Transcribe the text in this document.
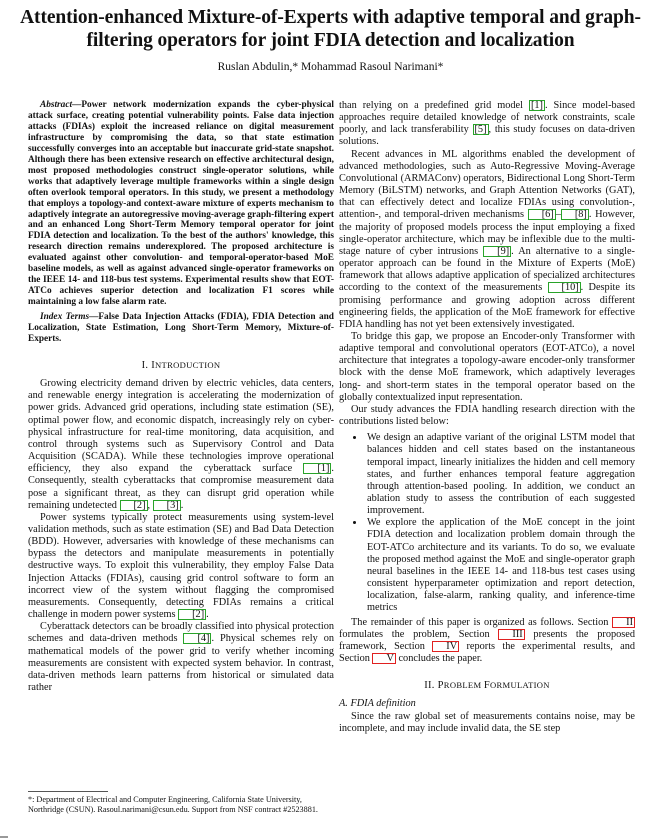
Attention-enhanced Mixture-of-Experts with adaptive temporal and graph-filtering operators for joint FDIA detection and localization
Ruslan Abdulin,* Mohammad Rasoul Narimani*

Abstract—Power network modernization expands the cyber-physical attack surface, creating potential vulnerability points. False data injection attacks (FDIAs) exploit the increased reliance on digital measurement infrastructure by compromising the data, so that state estimation successfully converges into an acceptable but inaccurate grid-state snapshot. Although there has been extensive research on effective architectural design, most proposed methodologies construct single-operator solutions, while works that adaptively leverage multiple frameworks within a single design often overlook temporal operators. In this study, we present a methodology that employs a topology-and context-aware mixture of experts mechanism to adaptively integrate an autoregressive moving-average graph-filtering expert and an enhanced Long Short-Term Memory temporal operator for joint FDIA detection and localization. To the best of the authors' knowledge, this research direction remains underexplored. The proposed architecture is evaluated against other convolution- and temporal-operator-based MoE baseline models, as well as against advanced single-operator frameworks on the IEEE 14- and 118-bus test systems. Experimental results show that EOT-ATCo achieves superior detection and localization F1 scores while maintaining a low false alarm rate.

Index Terms—False Data Injection Attacks (FDIA), FDIA Detection and Localization, State Estimation, Long Short-Term Memory, Mixture-of-Experts.

I. INTRODUCTION

Growing electricity demand driven by electric vehicles, data centers, and renewable energy integration is accelerating the modernization of power grids. Advanced grid operations, including state estimation (SE), optimal power flow, and economic dispatch, increasingly rely on cyber-physical infrastructure for real-time monitoring, data acquisition, and control through systems such as Supervisory Control and Data Acquisition (SCADA). While these technologies improve operational efficiency, they also expand the cyberattack surface [1] . Consequently, stealth cyberattacks that compromise measurement data pose a significant threat, as they can disrupt grid operation while remaining undetected [2] , [3] .

Power systems typically protect measurements using system-level validation methods, such as state estimation (SE) and Bad Data Detection (BDD). However, adversaries with knowledge of these mechanisms can bypass the detectors and manipulate measurements in potentially destructive ways. To exploit this vulnerability, they employ False Data Injection Attacks (FDIAs), causing grid control software to form an incorrect view of the system without flagging the compromised measurements. Consequently, detecting FDIAs remains a critical challenge in modern power systems [2] .

Cyberattack detectors can be broadly classified into physical protection schemes and data-driven methods [4] . Physical schemes rely on mathematical models of the power grid to verify whether incoming measurements are consistent with expected system behavior. In contrast, data-driven methods learn patterns from historical or simulated data rather

*: Department of Electrical and Computer Engineering, California State University, Northridge (CSUN). Rasoul.narimani@csun.edu. Support from NSF contract #2523881.

than relying on a predefined grid model [1] . Since model-based approaches require detailed knowledge of network constraints, scale poorly, and lack transferability [5] , this study focuses on data-driven solutions.

Recent advances in ML algorithms enabled the development of advanced methodologies, such as Auto-Regressive Moving-Average Convolutional (ARMAConv) operators, Bidirectional Long Short-Term Memory (BiLSTM) networks, and Graph Attention Networks (GAT), that can effectively detect and localize FDIAs using convolution-, attention-, and temporal-driven mechanisms [6] – [8] . However, the majority of proposed models process the input employing a fixed single-operator architecture, which may be inflexible due to the multi-stage nature of cyber intrusions [9] . An alternative to a single-operator approach can be found in the Mixture of Experts (MoE) framework that allows adaptive application of specialized architectures according to the context of the measurements [10] . Despite its promising performance and growing adoption across different engineering fields, the application of the MoE framework for effective FDIA handling has not yet been extensively investigated.

To bridge this gap, we propose an Encoder-only Transformer with adaptive temporal and convolutional operators (EOT-ATCo), a novel architecture that integrates a topology-aware encoder-only transformer block with the dense MoE framework, which adaptively leverages long- and short-term states in the temporal operator based on the globally contextualized input representation.

Our study advances the FDIA handling research direction with the contributions listed below:

• We design an adaptive variant of the original LSTM model that balances hidden and cell states based on the instantaneous temporal impact, linearly initializes the hidden and cell memory states, and further enhances temporal feature aggregation through attention-based pooling. In addition, we conduct an ablation study to assess the contribution of each suggested improvement.
• We explore the application of the MoE concept in the joint FDIA detection and localization problem domain through the EOT-ATCo architecture and its variants. To do so, we evaluate the proposed method against the MoE and single-operator graph neural baselines in the IEEE 14- and 118-bus test cases using consistent hyperparameter optimization and report detection, localization, false-alarm, ranking quality, and inference-time metrics

The remainder of this paper is organized as follows. Section II formulates the problem, Section III presents the proposed framework, Section IV reports the experimental results, and Section V concludes the paper.

II. PROBLEM FORMULATION

A. FDIA definition

Since the raw global set of measurements contains noise, may be incomplete, and may include invalid data, the SE step
